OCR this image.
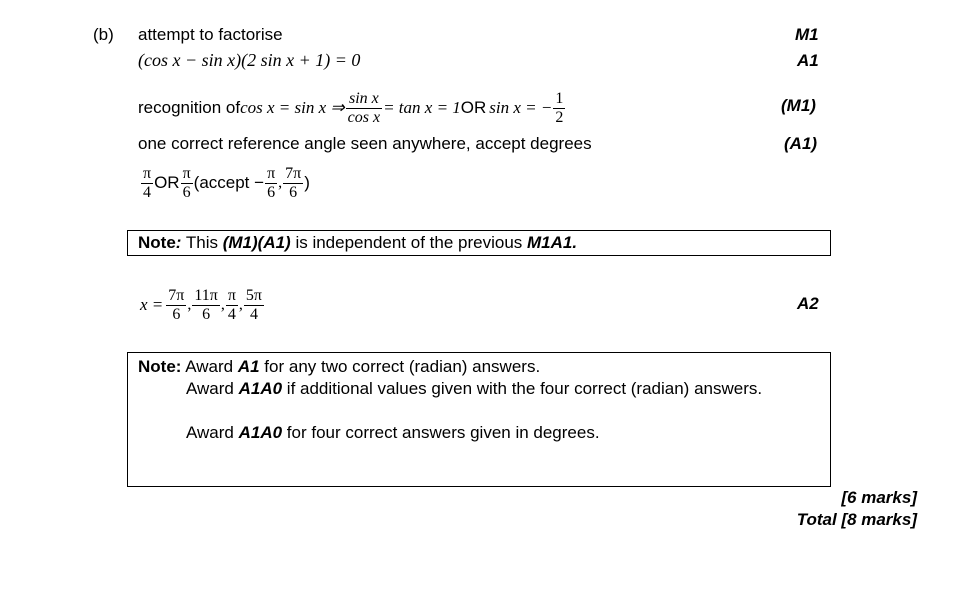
(b) attempt to factorise	M1
(cos x − sin x)(2 sin x + 1) = 0	A1
recognition of cos x = sin x ⇒ $\frac{\text{sin x}}{\text{cos x}} = \tan x = 1$ OR sin x = − $\frac{1}{2}$	(M1)
one correct reference angle seen anywhere, accept degrees	(A1)
$\frac{\pi}{4}$ OR $\frac{\pi}{6}$ (accept − $\frac{\pi}{6}$ , $\frac{7\pi}{6}$ )
Note: This (M1)(A1) is independent of the previous M1A1.
$x = \frac{7\pi}{6}$ , $\frac{11\pi}{6}$ , $\frac{\pi}{4}$ , $\frac{5\pi}{4}$	A2
Note: Award A1 for any two correct (radian) answers.
Award A1A0 if additional values given with the four correct (radian) answers.
Award A1A0 for four correct answers given in degrees.
[6 marks]
Total [8 marks]
